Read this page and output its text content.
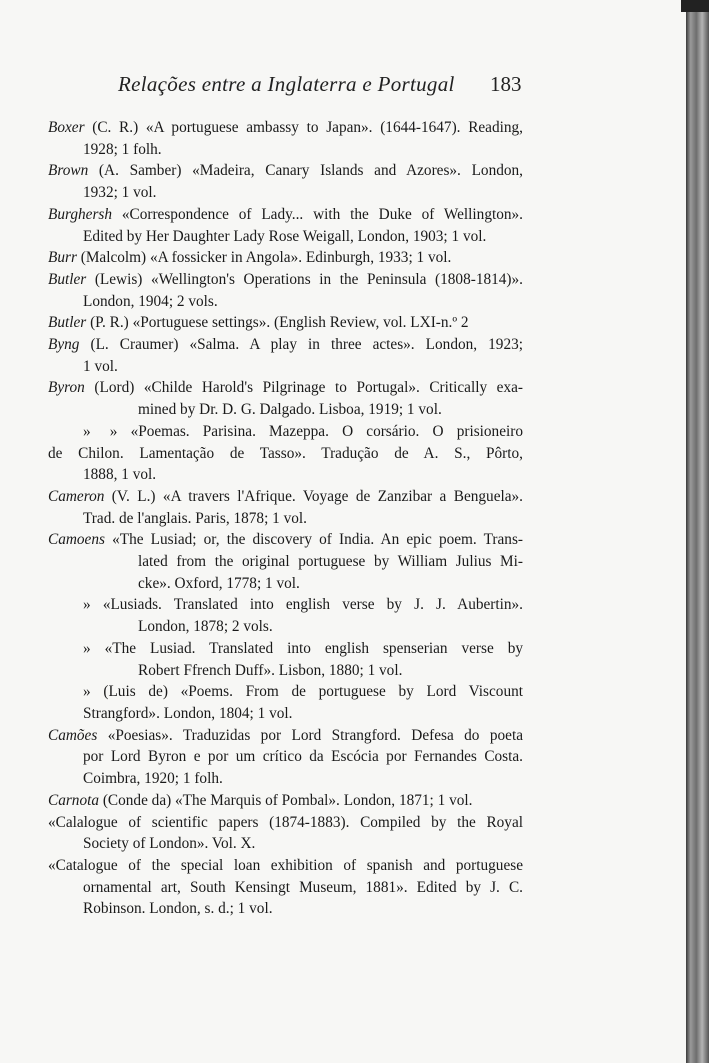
Relações entre a Inglaterra e Portugal 183
Boxer (C. R.) «A portuguese ambassy to Japan». (1644-1647). Reading,
1928; 1 folh.
Brown (A. Samber) «Madeira, Canary Islands and Azores». London,
1932; 1 vol.
Burghersh «Correspondence of Lady... with the Duke of Wellington».
Edited by Her Daughter Lady Rose Weigall, London, 1903; 1 vol.
Burr (Malcolm) «A fossicker in Angola». Edinburgh, 1933; 1 vol.
Butler (Lewis) «Wellington's Operations in the Peninsula (1808-1814)».
London, 1904; 2 vols.
Butler (P. R.) «Portuguese settings». (English Review, vol. LXI-n.º 2
Byng (L. Craumer) «Salma. A play in three actes». London, 1923;
1 vol.
Byron (Lord) «Childe Harold's Pilgrinage to Portugal». Critically exa-
mined by Dr. D. G. Dalgado. Lisboa, 1919; 1 vol.
»     » «Poemas. Parisina. Mazeppa. O corsário. O prisioneiro
de Chilon. Lamentação de Tasso». Tradução de A. S., Pôrto,
1888, 1 vol.
Cameron (V. L.) «A travers l'Afrique. Voyage de Zanzibar a Benguela».
Trad. de l'anglais. Paris, 1878; 1 vol.
Camoens «The Lusiad; or, the discovery of India. An epic poem. Trans-
lated from the original portuguese by William Julius Mi-
cke». Oxford, 1778; 1 vol.
» «Lusiads. Translated into english verse by J. J. Aubertin».
London, 1878; 2 vols.
» «The Lusiad. Translated into english spenserian verse by
Robert Ffrench Duff». Lisbon, 1880; 1 vol.
» (Luis de) «Poems. From de portuguese by Lord Viscount
Strangford». London, 1804; 1 vol.
Camões «Poesias». Traduzidas por Lord Strangford. Defesa do poeta
por Lord Byron e por um crítico da Escócia por Fernandes Costa.
Coimbra, 1920; 1 folh.
Carnota (Conde da) «The Marquis of Pombal». London, 1871; 1 vol.
«Calalogue of scientific papers (1874-1883). Compiled by the Royal
Society of London». Vol. X.
«Catalogue of the special loan exhibition of spanish and portuguese
ornamental art, South Kensingt Museum, 1881». Edited by J. C.
Robinson. London, s. d.; 1 vol.
